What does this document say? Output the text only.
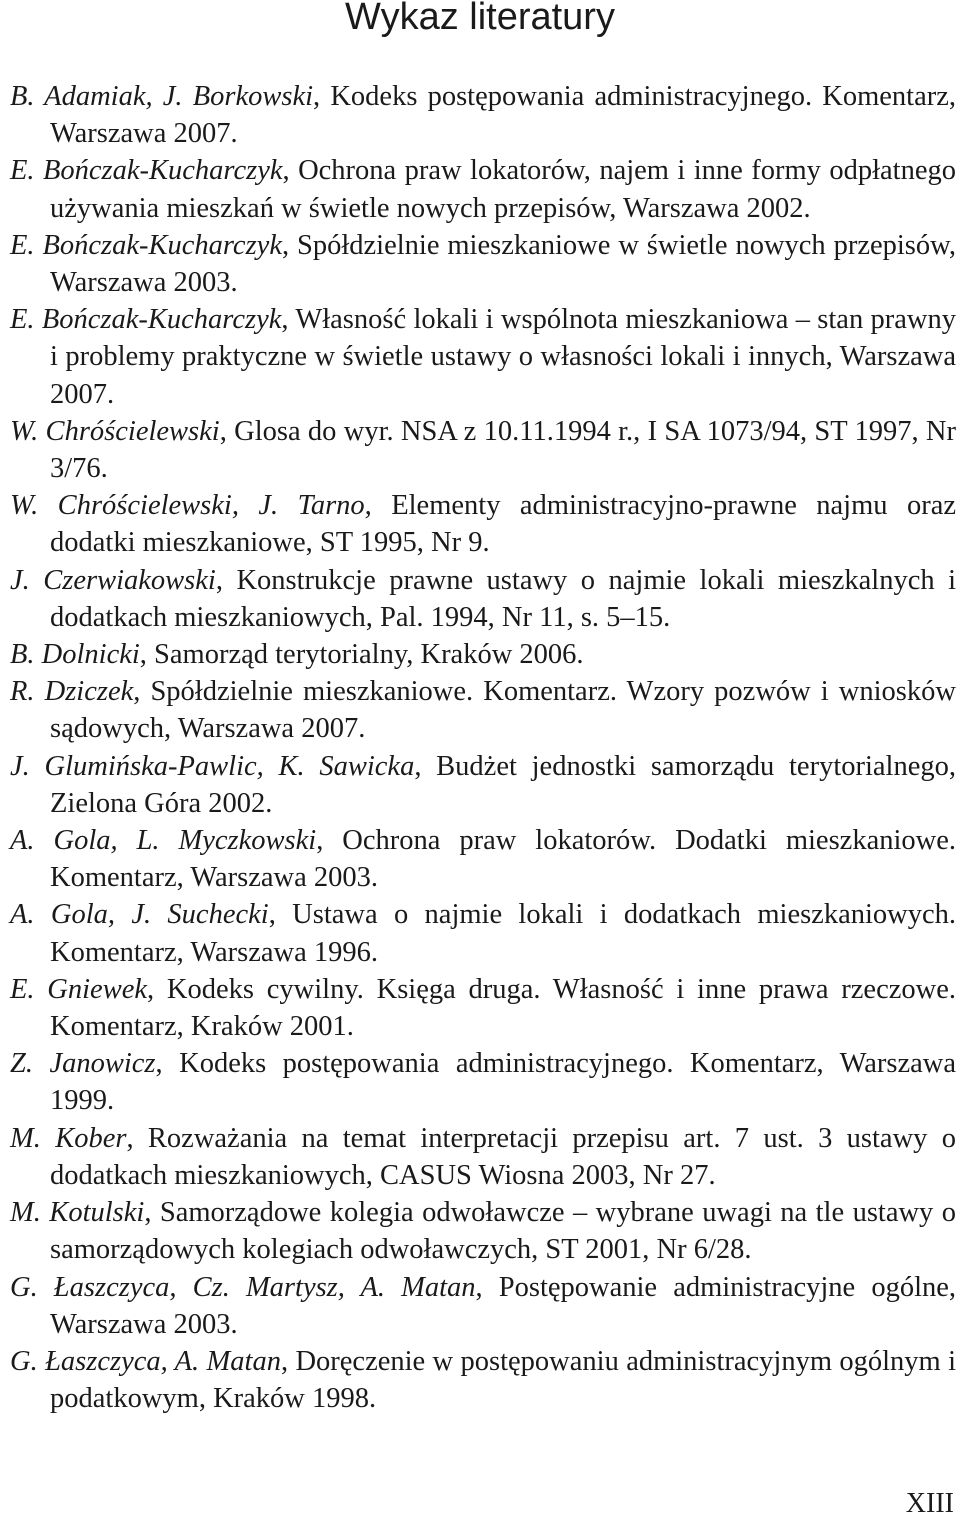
Wykaz literatury
B. Adamiak, J. Borkowski, Kodeks postępowania administracyjnego. Komentarz, Warszawa 2007.
E. Bończak-Kucharczyk, Ochrona praw lokatorów, najem i inne formy odpłatnego używania mieszkań w świetle nowych przepisów, Warszawa 2002.
E. Bończak-Kucharczyk, Spółdzielnie mieszkaniowe w świetle nowych przepisów, Warszawa 2003.
E. Bończak-Kucharczyk, Własność lokali i wspólnota mieszkaniowa – stan prawny i problemy praktyczne w świetle ustawy o własności lokali i innych, Warszawa 2007.
W. Chróścielewski, Glosa do wyr. NSA z 10.11.1994 r., I SA 1073/94, ST 1997, Nr 3/76.
W. Chróścielewski, J. Tarno, Elementy administracyjno-prawne najmu oraz dodatki mieszkaniowe, ST 1995, Nr 9.
J. Czerwiakowski, Konstrukcje prawne ustawy o najmie lokali mieszkalnych i dodatkach mieszkaniowych, Pal. 1994, Nr 11, s. 5–15.
B. Dolnicki, Samorząd terytorialny, Kraków 2006.
R. Dziczek, Spółdzielnie mieszkaniowe. Komentarz. Wzory pozwów i wniosków sądowych, Warszawa 2007.
J. Glumińska-Pawlic, K. Sawicka, Budżet jednostki samorządu terytorialnego, Zielona Góra 2002.
A. Gola, L. Myczkowski, Ochrona praw lokatorów. Dodatki mieszkaniowe. Komentarz, Warszawa 2003.
A. Gola, J. Suchecki, Ustawa o najmie lokali i dodatkach mieszkaniowych. Komentarz, Warszawa 1996.
E. Gniewek, Kodeks cywilny. Księga druga. Własność i inne prawa rzeczowe. Komentarz, Kraków 2001.
Z. Janowicz, Kodeks postępowania administracyjnego. Komentarz, Warszawa 1999.
M. Kober, Rozważania na temat interpretacji przepisu art. 7 ust. 3 ustawy o dodatkach mieszkaniowych, CASUS Wiosna 2003, Nr 27.
M. Kotulski, Samorządowe kolegia odwoławcze – wybrane uwagi na tle ustawy o samorządowych kolegiach odwoławczych, ST 2001, Nr 6/28.
G. Łaszczyca, Cz. Martysz, A. Matan, Postępowanie administracyjne ogólne, Warszawa 2003.
G. Łaszczyca, A. Matan, Doręczenie w postępowaniu administracyjnym ogólnym i podatkowym, Kraków 1998.
XIII
